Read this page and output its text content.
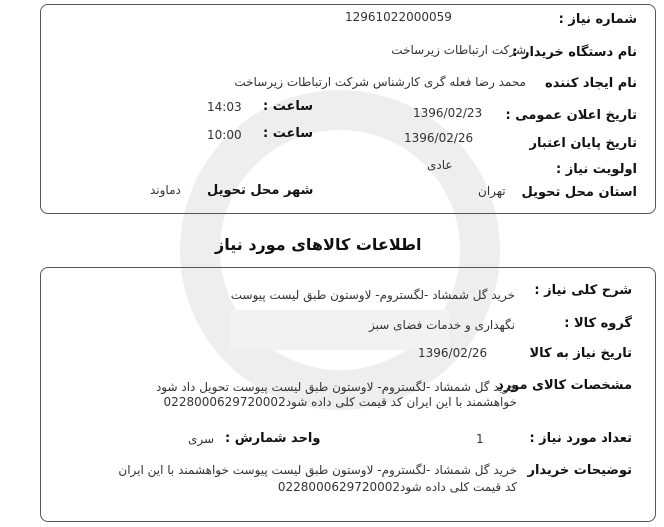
شماره نیاز :
12961022000059
نام دستگاه خریدار :
شرکت ارتباطات زیرساخت
نام ایجاد کننده
محمد رضا فعله گری کارشناس شرکت ارتباطات زیرساخت
تاریخ اعلان عمومی :
1396/02/23
ساعت :
14:03
تاریخ پایان اعتبار
1396/02/26
ساعت :
10:00
اولویت نیاز :
عادی
استان محل تحویل
تهران
شهر محل تحویل
دماوند
اطلاعات کالاهای مورد نیاز
شرح کلی نیاز :
خرید گل شمشاد -لگستروم- لاوستون طبق لیست پیوست
گروه کالا :
نگهداری و خدمات فضای سبز
تاریخ نیاز به کالا
1396/02/26
مشخصات کالای مورد
خرید گل شمشاد -لگستروم- لاوستون طبق لیست پیوست تحویل داد شود
خواهشمند با این ایران کد قیمت کلی داده شود0228000629720002
تعداد مورد نیاز :
1
واحد شمارش :
سری
توضیحات خریدار
خرید گل شمشاد -لگستروم- لاوستون طبق لیست پیوست خواهشمند با این ایران
کد قیمت کلی داده شود0228000629720002
